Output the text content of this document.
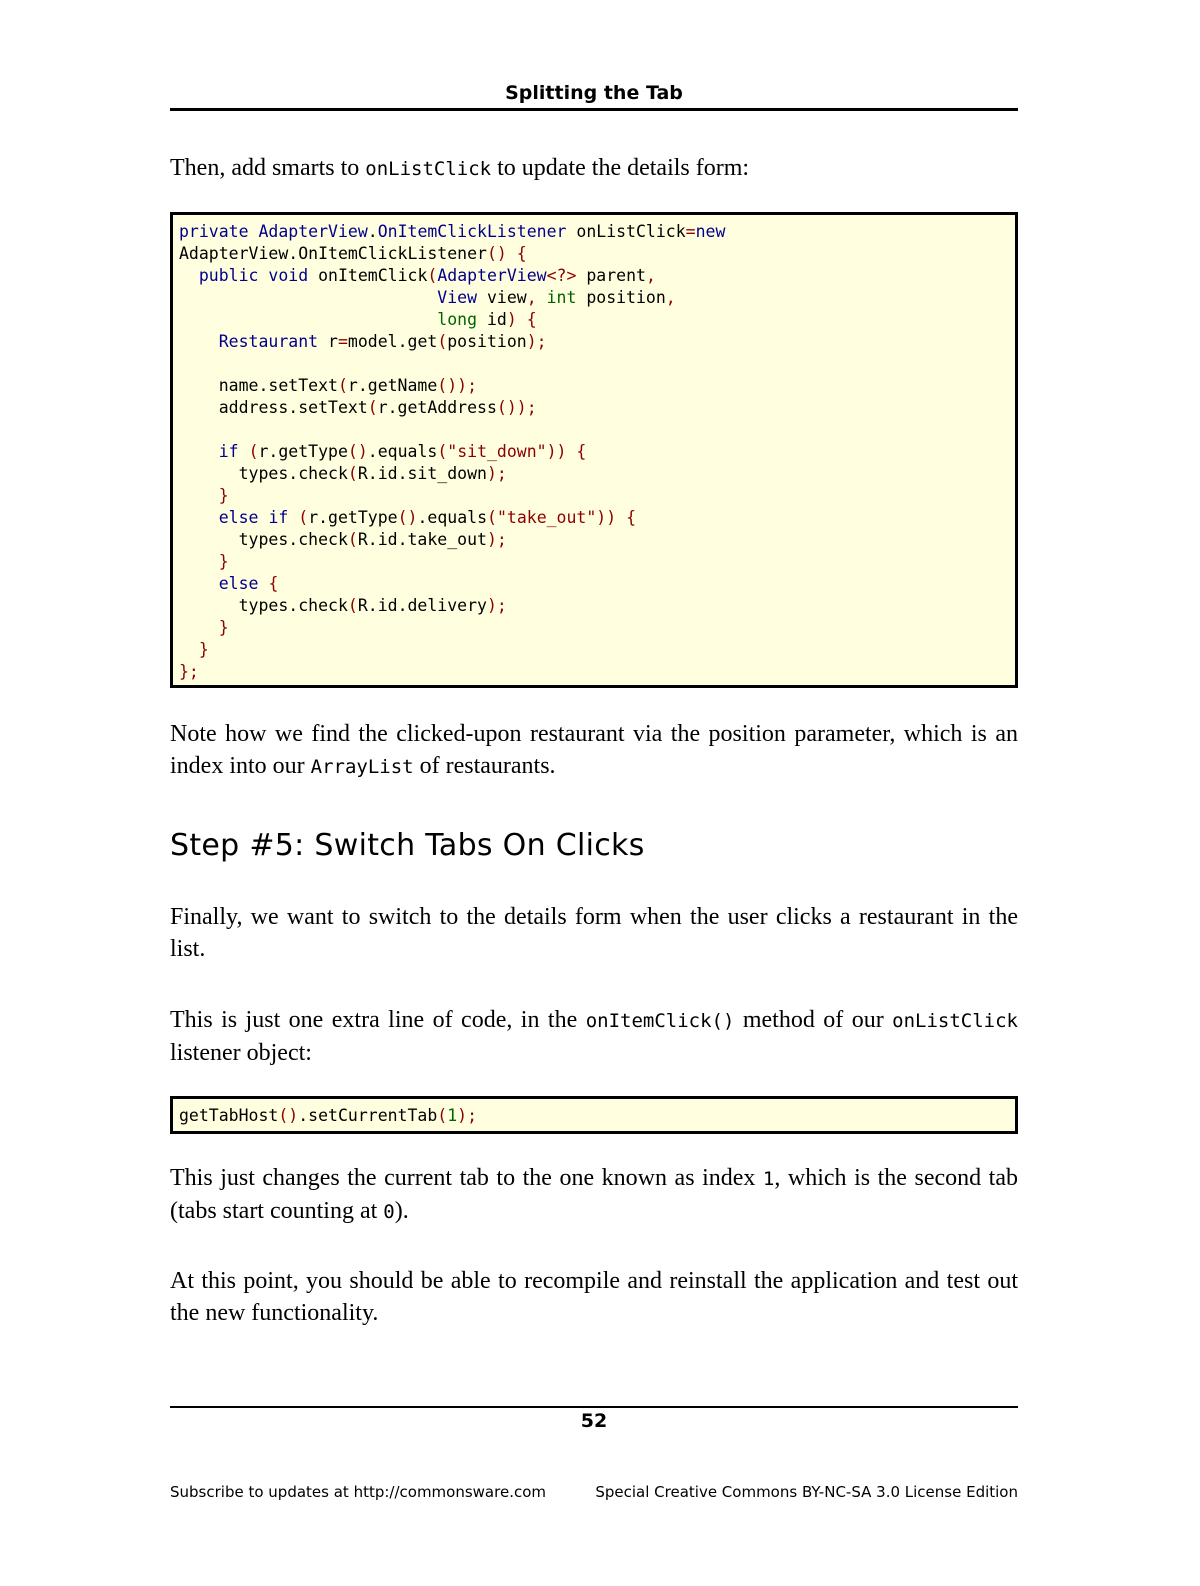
Splitting the Tab

Then, add smarts to onListClick to update the details form:

private AdapterView.OnItemClickListener onListClick=new
AdapterView.OnItemClickListener() {
public void onItemClick(AdapterView<?> parent,
View view, int position,
long id) {
Restaurant r=model.get(position);

name.setText(r.getName());
address.setText(r.getAddress());

if (r.getType().equals("sit_down")) {
types.check(R.id.sit_down);
}
else if (r.getType().equals("take_out")) {
types.check(R.id.take_out);
}
else {
types.check(R.id.delivery);
}
}
};

Note how we find the clicked-upon restaurant via the position parameter, which is an index into our ArrayList of restaurants.

Step #5: Switch Tabs On Clicks

Finally, we want to switch to the details form when the user clicks a restaurant in the list.

This is just one extra line of code, in the onItemClick() method of our onListClick listener object:

getTabHost().setCurrentTab(1);

This just changes the current tab to the one known as index 1, which is the second tab (tabs start counting at 0).

At this point, you should be able to recompile and reinstall the application and test out the new functionality.

52
Subscribe to updates at http://commonsware.com	Special Creative Commons BY-NC-SA 3.0 License Edition
